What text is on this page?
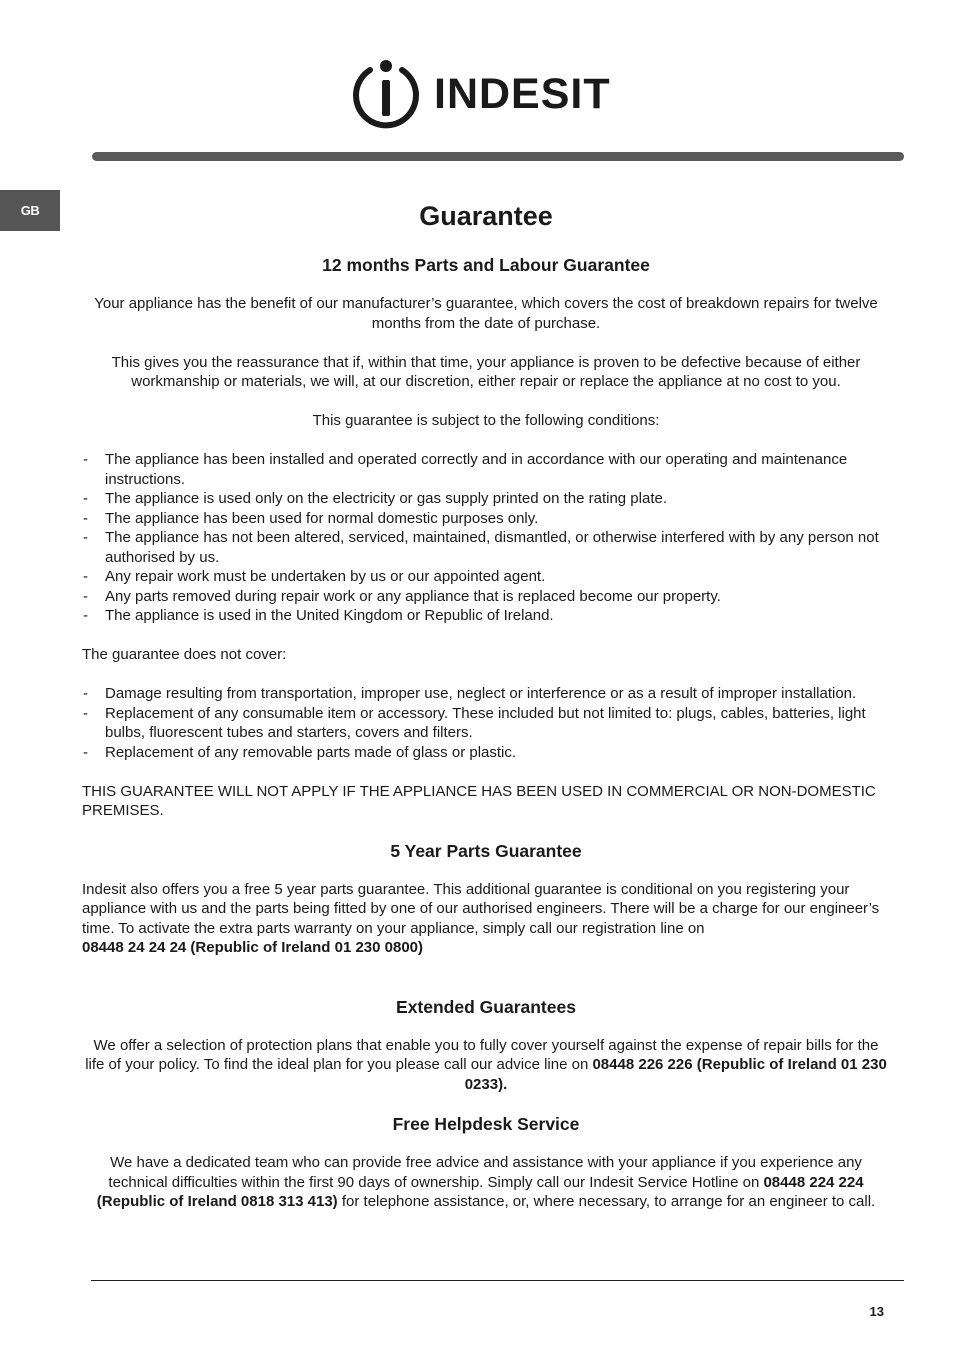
INDESIT
GB	Guarantee
12 months Parts and Labour Guarantee

Your appliance has the benefit of our manufacturer’s guarantee, which covers the cost of breakdown repairs for twelve months from the date of purchase.

This gives you the reassurance that if, within that time, your appliance is proven to be defective because of either workmanship or materials, we will, at our discretion, either repair or replace the appliance at no cost to you.

This guarantee is subject to the following conditions:

- The appliance has been installed and operated correctly and in accordance with our operating and maintenance instructions.
- The appliance is used only on the electricity or gas supply printed on the rating plate.
- The appliance has been used for normal domestic purposes only.
- The appliance has not been altered, serviced, maintained, dismantled, or otherwise interfered with by any person not authorised by us.
- Any repair work must be undertaken by us or our appointed agent.
- Any parts removed during repair work or any appliance that is replaced become our property.
- The appliance is used in the United Kingdom or Republic of Ireland.

The guarantee does not cover:

- Damage resulting from transportation, improper use, neglect or interference or as a result of improper installation.
- Replacement of any consumable item or accessory. These included but not limited to: plugs, cables, batteries, light bulbs, fluorescent tubes and starters, covers and filters.
- Replacement of any removable parts made of glass or plastic.

THIS GUARANTEE WILL NOT APPLY IF THE APPLIANCE HAS BEEN USED IN COMMERCIAL OR NON-DOMESTIC PREMISES.

5 Year Parts Guarantee

Indesit also offers you a free 5 year parts guarantee. This additional guarantee is conditional on you registering your appliance with us and the parts being fitted by one of our authorised engineers. There will be a charge for our engineer’s time. To activate the extra parts warranty on your appliance, simply call our registration line on
08448 24 24 24 (Republic of Ireland 01 230 0800)

Extended Guarantees

We offer a selection of protection plans that enable you to fully cover yourself against the expense of repair bills for the life of your policy. To find the ideal plan for you please call our advice line on 08448 226 226 (Republic of Ireland 01 230 0233).

Free Helpdesk Service

We have a dedicated team who can provide free advice and assistance with your appliance if you experience any technical difficulties within the first 90 days of ownership. Simply call our Indesit Service Hotline on 08448 224 224 (Republic of Ireland 0818 313 413) for telephone assistance, or, where necessary, to arrange for an engineer to call.

13
